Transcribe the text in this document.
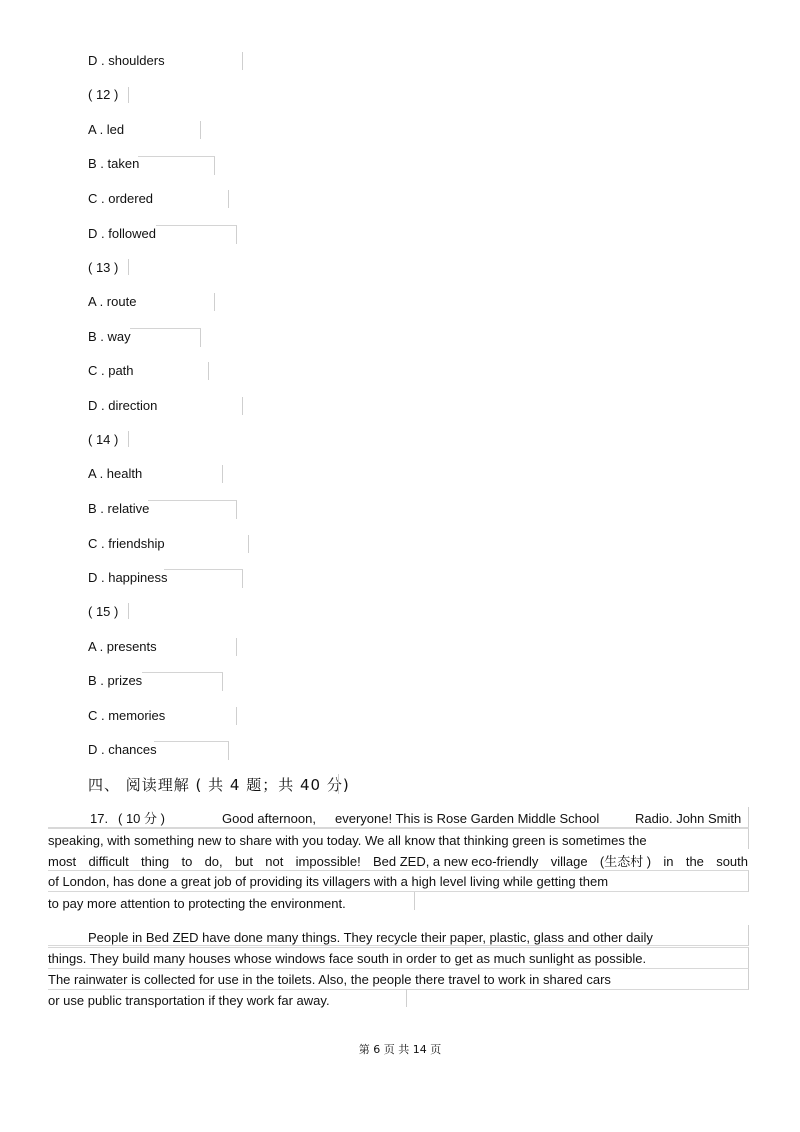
D . shoulders
( 12 )
A . led
B . taken
C . ordered
D . followed
( 13 )
A . route
B . way
C . path
D . direction
( 14 )
A . health
B . relative
C . friendship
D . happiness
( 15 )
A . presents
B . prizes
C . memories
D . chances
四、 阅读理解 ( 共 4 题；共 40 分)
17. ( 10 分 )	Good afternoon, everyone! This is Rose Garden Middle School	Radio. John Smith
speaking, with something new to share with you today. We all know that thinking green is sometimes the
most difficult thing to do, but not impossible! Bed ZED, a new eco-friendly village (生态村 ) in the south
of London, has done a great job of providing its villagers with a high level living while getting them
to pay more attention to protecting the environment.
People in Bed ZED have done many things. They recycle their paper, plastic, glass and other daily
things. They build many houses whose windows face south in order to get as much sunlight as possible.
The rainwater is collected for use in the toilets. Also, the people there travel to work in shared cars
or use public transportation if they work far away.
第 6 页 共 14 页
